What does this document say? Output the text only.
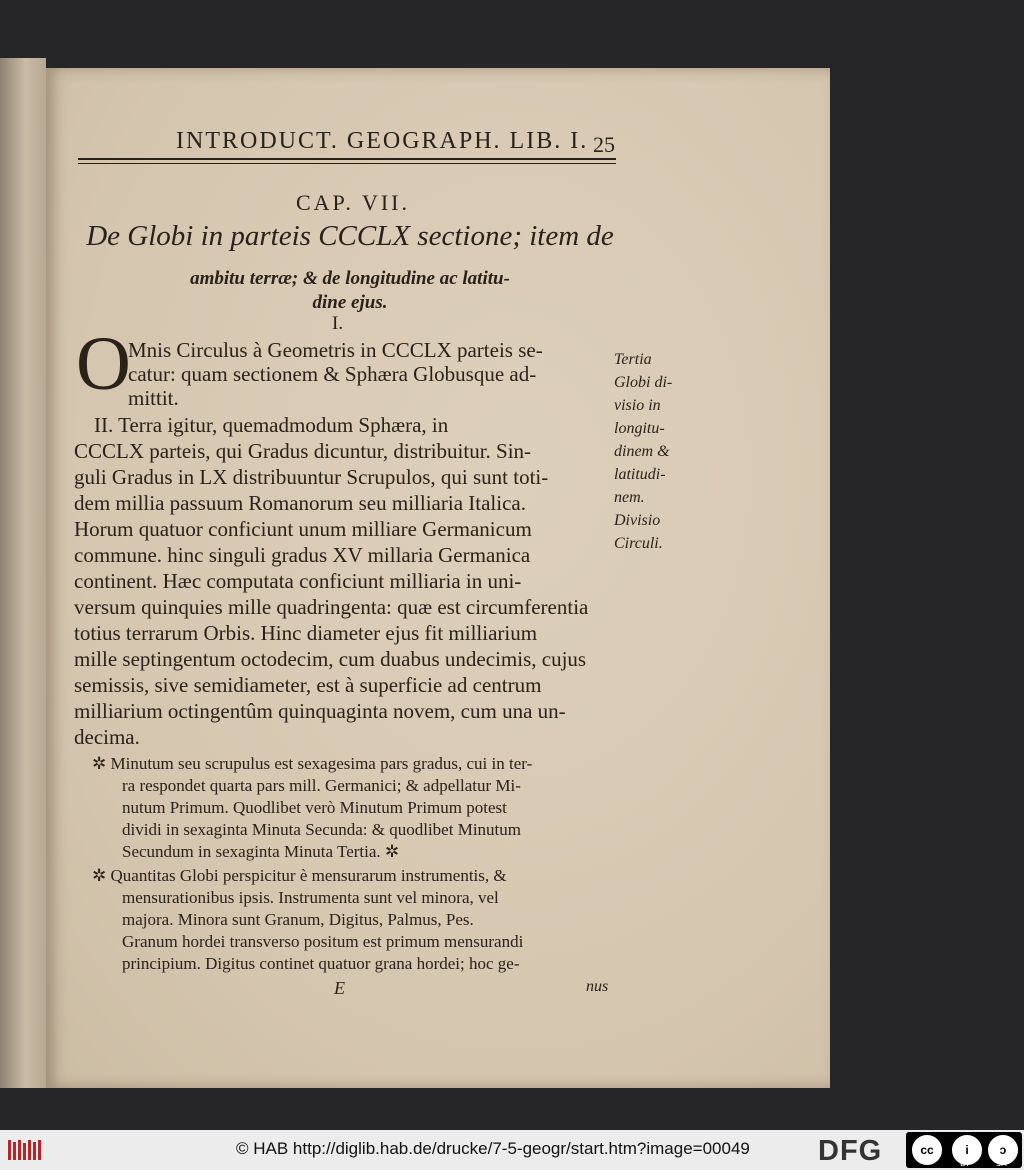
INTRODUCT. GEOGRAPH. LIB. I. 25
CAP. VII.
De Globi in parteis CCCLX sectione; item de
ambitu terræ; & de longitudine ac latitu-
dine ejus.
I.
O
Mnis Circulus à Geometris in CCCLX parteis se-
catur: quam sectionem & Sphæra Globusque ad-
mittit.
II. Terra igitur, quemadmodum Sphæra, in
CCCLX parteis, qui Gradus dicuntur, distribuitur. Sin-
guli Gradus in LX distribuuntur Scrupulos, qui sunt toti-
dem millia passuum Romanorum seu milliaria Italica.
Horum quatuor conficiunt unum milliare Germanicum
commune. hinc singuli gradus XV millaria Germanica
continent. Hæc computata conficiunt milliaria in uni-
versum quinquies mille quadringenta: quæ est circumferentia
totius terrarum Orbis. Hinc diameter ejus fit milliarium
mille septingentum octodecim, cum duabus undecimis, cujus
semissis, sive semidiameter, est à superficie ad centrum
milliarium octingentûm quinquaginta novem, cum una un-
decima.
✲ Minutum seu scrupulus est sexagesima pars gradus, cui in ter-
ra respondet quarta pars mill. Germanici; & adpellatur Mi-
nutum Primum. Quodlibet verò Minutum Primum potest
dividi in sexaginta Minuta Secunda: & quodlibet Minutum
Secundum in sexaginta Minuta Tertia. ✲
✲ Quantitas Globi perspicitur è mensurarum instrumentis, &
mensurationibus ipsis. Instrumenta sunt vel minora, vel
majora. Minora sunt Granum, Digitus, Palmus, Pes.
Granum hordei transverso positum est primum mensurandi
principium. Digitus continet quatuor grana hordei; hoc ge-
Tertia
Globi di-
visio in
longitu-
dinem &
latitudi-
nem.
Divisio
Circuli.
E	nus
© HAB http://diglib.hab.de/drucke/7-5-geogr/start.htm?image=00049 DFG	cc	i	ↄ
BY	SA
